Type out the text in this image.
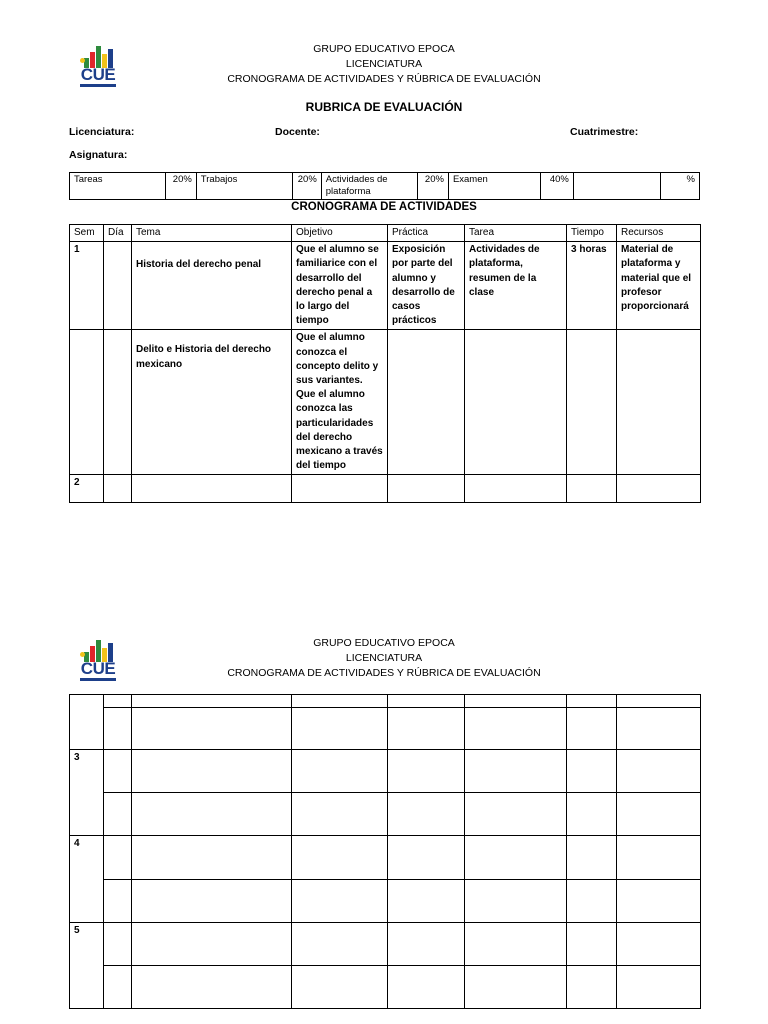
CUE
GRUPO EDUCATIVO EPOCA
LICENCIATURA
CRONOGRAMA DE ACTIVIDADES Y RÚBRICA DE EVALUACIÓN
RUBRICA DE EVALUACIÓN
Licenciatura:	Docente:	Cuatrimestre:
Asignatura:
Tareas	20%	Trabajos	20%	Actividades de plataforma	20%	Examen	40%		%
CRONOGRAMA DE ACTIVIDADES
Sem	Día	Tema	Objetivo	Práctica	Tarea	Tiempo	Recursos
1		Historia del derecho penal	Que el alumno se familiarice con el desarrollo del derecho penal a lo largo del tiempo	Exposición por parte del alumno y desarrollo de casos prácticos	Actividades de plataforma, resumen de la clase	3 horas	Material de plataforma y material que el profesor proporcionará

		Delito e Historia del derecho mexicano	Que el alumno conozca el concepto delito y sus variantes. Que el alumno conozca las particularidades del derecho mexicano a través del tiempo				
2							
CUE
GRUPO EDUCATIVO EPOCA
LICENCIATURA
CRONOGRAMA DE ACTIVIDADES Y RÚBRICA DE EVALUACIÓN

3							

4							

5							
